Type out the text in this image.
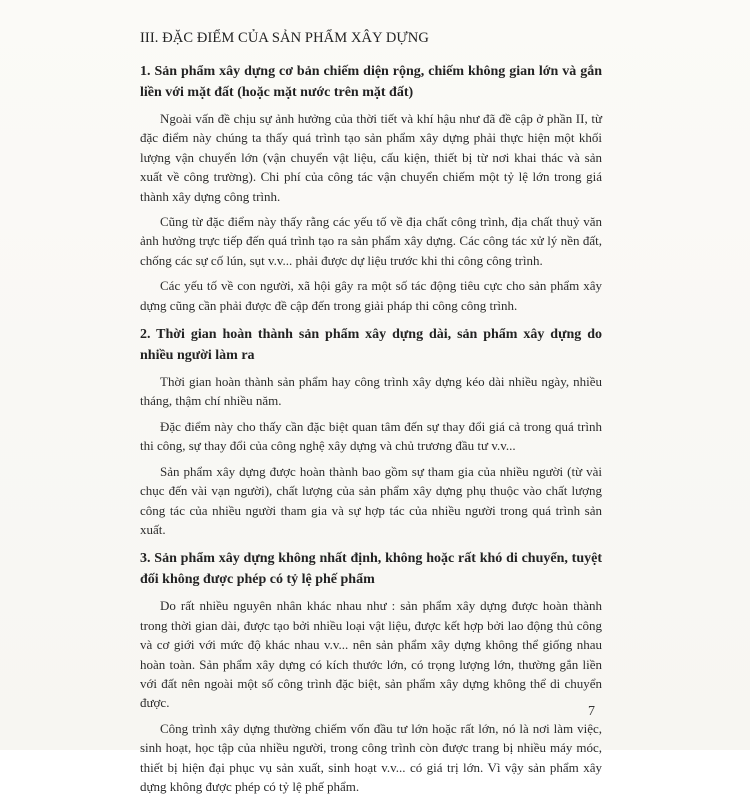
III. ĐẶC ĐIỂM CỦA SẢN PHẨM XÂY DỰNG
1. Sản phẩm xây dựng cơ bản chiếm diện rộng, chiếm không gian lớn và gắn liền với mặt đất (hoặc mặt nước trên mặt đất)

Ngoài vấn đề chịu sự ảnh hưởng của thời tiết và khí hậu như đã đề cập ở phần II, từ đặc điểm này chúng ta thấy quá trình tạo sản phẩm xây dựng phải thực hiện một khối lượng vận chuyển lớn (vận chuyển vật liệu, cấu kiện, thiết bị từ nơi khai thác và sản xuất về công trường). Chi phí của công tác vận chuyển chiếm một tỷ lệ lớn trong giá thành xây dựng công trình.

Cũng từ đặc điểm này thấy rằng các yếu tố về địa chất công trình, địa chất thuỷ văn ảnh hưởng trực tiếp đến quá trình tạo ra sản phẩm xây dựng. Các công tác xử lý nền đất, chống các sự cố lún, sụt v.v... phải được dự liệu trước khi thi công công trình.

Các yếu tố về con người, xã hội gây ra một số tác động tiêu cực cho sản phẩm xây dựng cũng cần phải được đề cập đến trong giải pháp thi công công trình.

2. Thời gian hoàn thành sản phẩm xây dựng dài, sản phẩm xây dựng do nhiều người làm ra

Thời gian hoàn thành sản phẩm hay công trình xây dựng kéo dài nhiều ngày, nhiều tháng, thậm chí nhiều năm.

Đặc điểm này cho thấy cần đặc biệt quan tâm đến sự thay đổi giá cả trong quá trình thi công, sự thay đổi của công nghệ xây dựng và chủ trương đầu tư v.v...

Sản phẩm xây dựng được hoàn thành bao gồm sự tham gia của nhiều người (từ vài chục đến vài vạn người), chất lượng của sản phẩm xây dựng phụ thuộc vào chất lượng công tác của nhiều người tham gia và sự hợp tác của nhiều người trong quá trình sản xuất.

3. Sản phẩm xây dựng không nhất định, không hoặc rất khó di chuyển, tuyệt đối không được phép có tỷ lệ phế phẩm

Do rất nhiều nguyên nhân khác nhau như : sản phẩm xây dựng được hoàn thành trong thời gian dài, được tạo bởi nhiều loại vật liệu, được kết hợp bởi lao động thủ công và cơ giới với mức độ khác nhau v.v... nên sản phẩm xây dựng không thể giống nhau hoàn toàn. Sản phẩm xây dựng có kích thước lớn, có trọng lượng lớn, thường gắn liền với đất nên ngoài một số công trình đặc biệt, sản phẩm xây dựng không thể di chuyển được.

Công trình xây dựng thường chiếm vốn đầu tư lớn hoặc rất lớn, nó là nơi làm việc, sinh hoạt, học tập của nhiều người, trong công trình còn được trang bị nhiều máy móc, thiết bị hiện đại phục vụ sản xuất, sinh hoạt v.v... có giá trị lớn. Vì vậy sản phẩm xây dựng không được phép có tỷ lệ phế phẩm.

7
